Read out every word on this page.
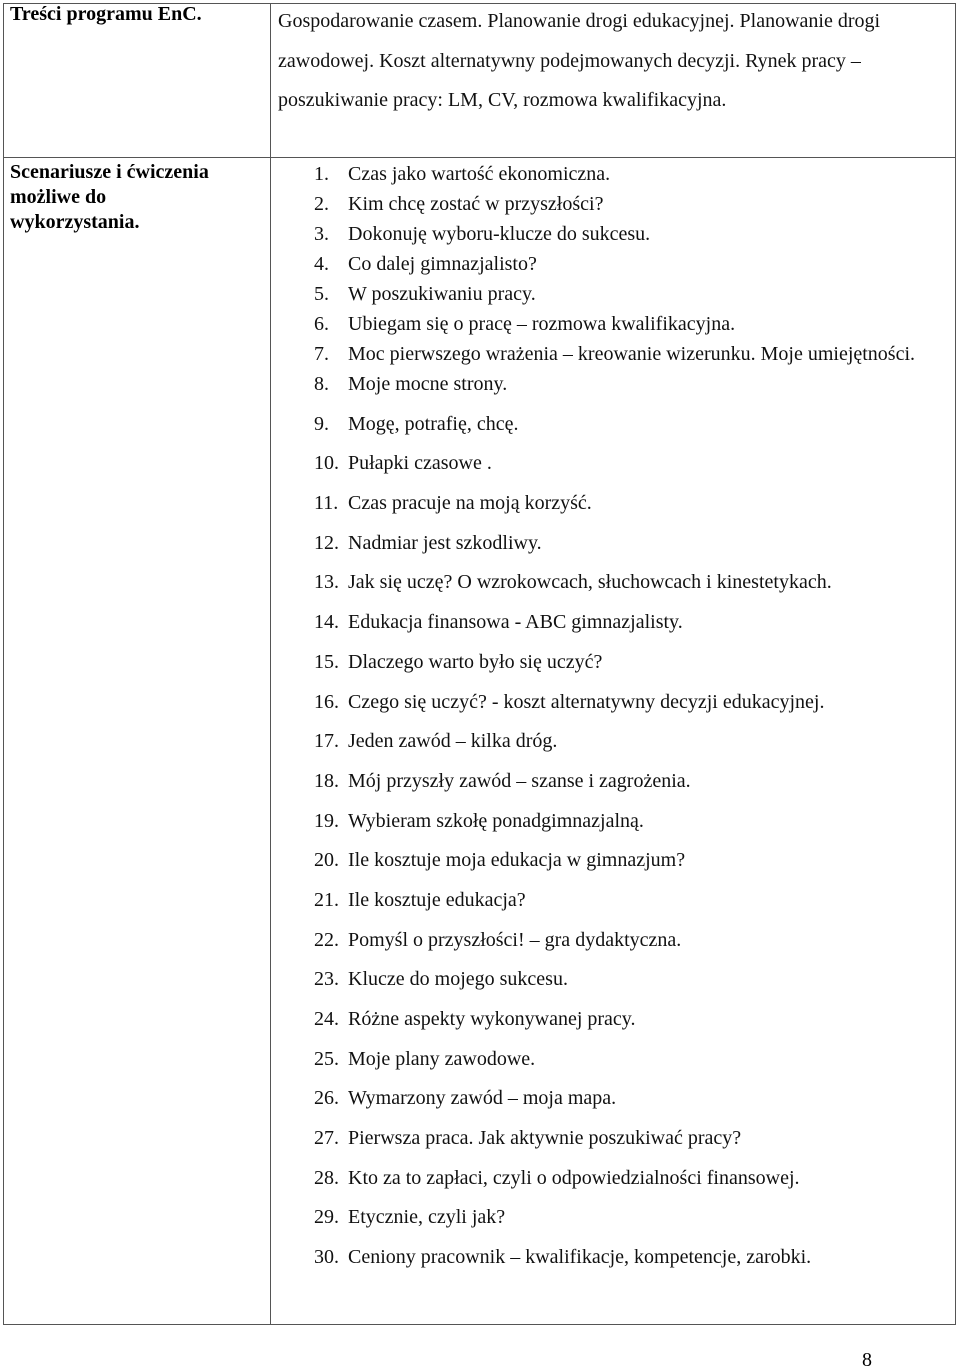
Treści programu EnC.	Gospodarowanie czasem. Planowanie drogi edukacyjnej. Planowanie drogi zawodowej. Koszt alternatywny podejmowanych decyzji. Rynek pracy – poszukiwanie pracy: LM, CV, rozmowa kwalifikacyjna.
Scenariusze i ćwiczenia
możliwe do
wykorzystania.
1. Czas jako wartość ekonomiczna.
2. Kim chcę zostać w przyszłości?
3. Dokonuję wyboru-klucze do sukcesu.
4. Co dalej gimnazjalisto?
5. W poszukiwaniu pracy.
6. Ubiegam się o pracę – rozmowa kwalifikacyjna.
7. Moc pierwszego wrażenia – kreowanie wizerunku. Moje umiejętności.
8. Moje mocne strony.
9. Mogę, potrafię, chcę.
10. Pułapki czasowe .
11. Czas pracuje na moją korzyść.
12. Nadmiar jest szkodliwy.
13. Jak się uczę? O wzrokowcach, słuchowcach i kinestetykach.
14. Edukacja finansowa - ABC gimnazjalisty.
15. Dlaczego warto było się uczyć?
16. Czego się uczyć? - koszt alternatywny decyzji edukacyjnej.
17. Jeden zawód – kilka dróg.
18. Mój przyszły zawód – szanse i zagrożenia.
19. Wybieram szkołę ponadgimnazjalną.
20. Ile kosztuje moja edukacja w gimnazjum?
21. Ile kosztuje edukacja?
22. Pomyśl o przyszłości! – gra dydaktyczna.
23. Klucze do mojego sukcesu.
24. Różne aspekty wykonywanej pracy.
25. Moje plany zawodowe.
26. Wymarzony zawód – moja mapa.
27. Pierwsza praca. Jak aktywnie poszukiwać pracy?
28. Kto za to zapłaci, czyli o odpowiedzialności finansowej.
29. Etycznie, czyli jak?
30. Ceniony pracownik – kwalifikacje, kompetencje, zarobki.
8
